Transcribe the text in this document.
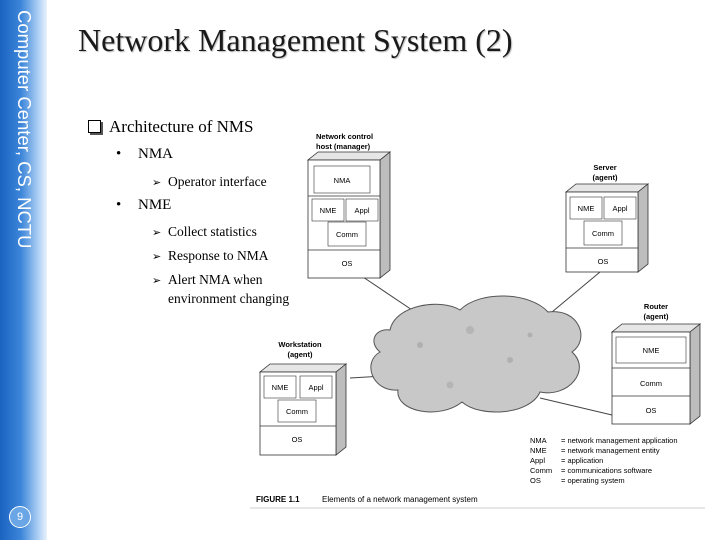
Computer Center, CS, NCTU
9
Network Management System (2)
Architecture of NMS
• NMA
➢ Operator interface
• NME
➢ Collect statistics
➢ Response to NMA
➢ Alert NMA when
environment changing
Network control
host (manager)
NMA
NME Appl
Comm
OS
Server
(agent)
NME Appl
Comm
OS
Router
(agent)
NME
Comm
OS
Workstation
(agent)
NME	Appl
Comm
OS	NMA = network management application
NME = network management entity
Appl = application
Comm = communications software
OS	= operating system
FIGURE 1.1	Elements of a network management system
